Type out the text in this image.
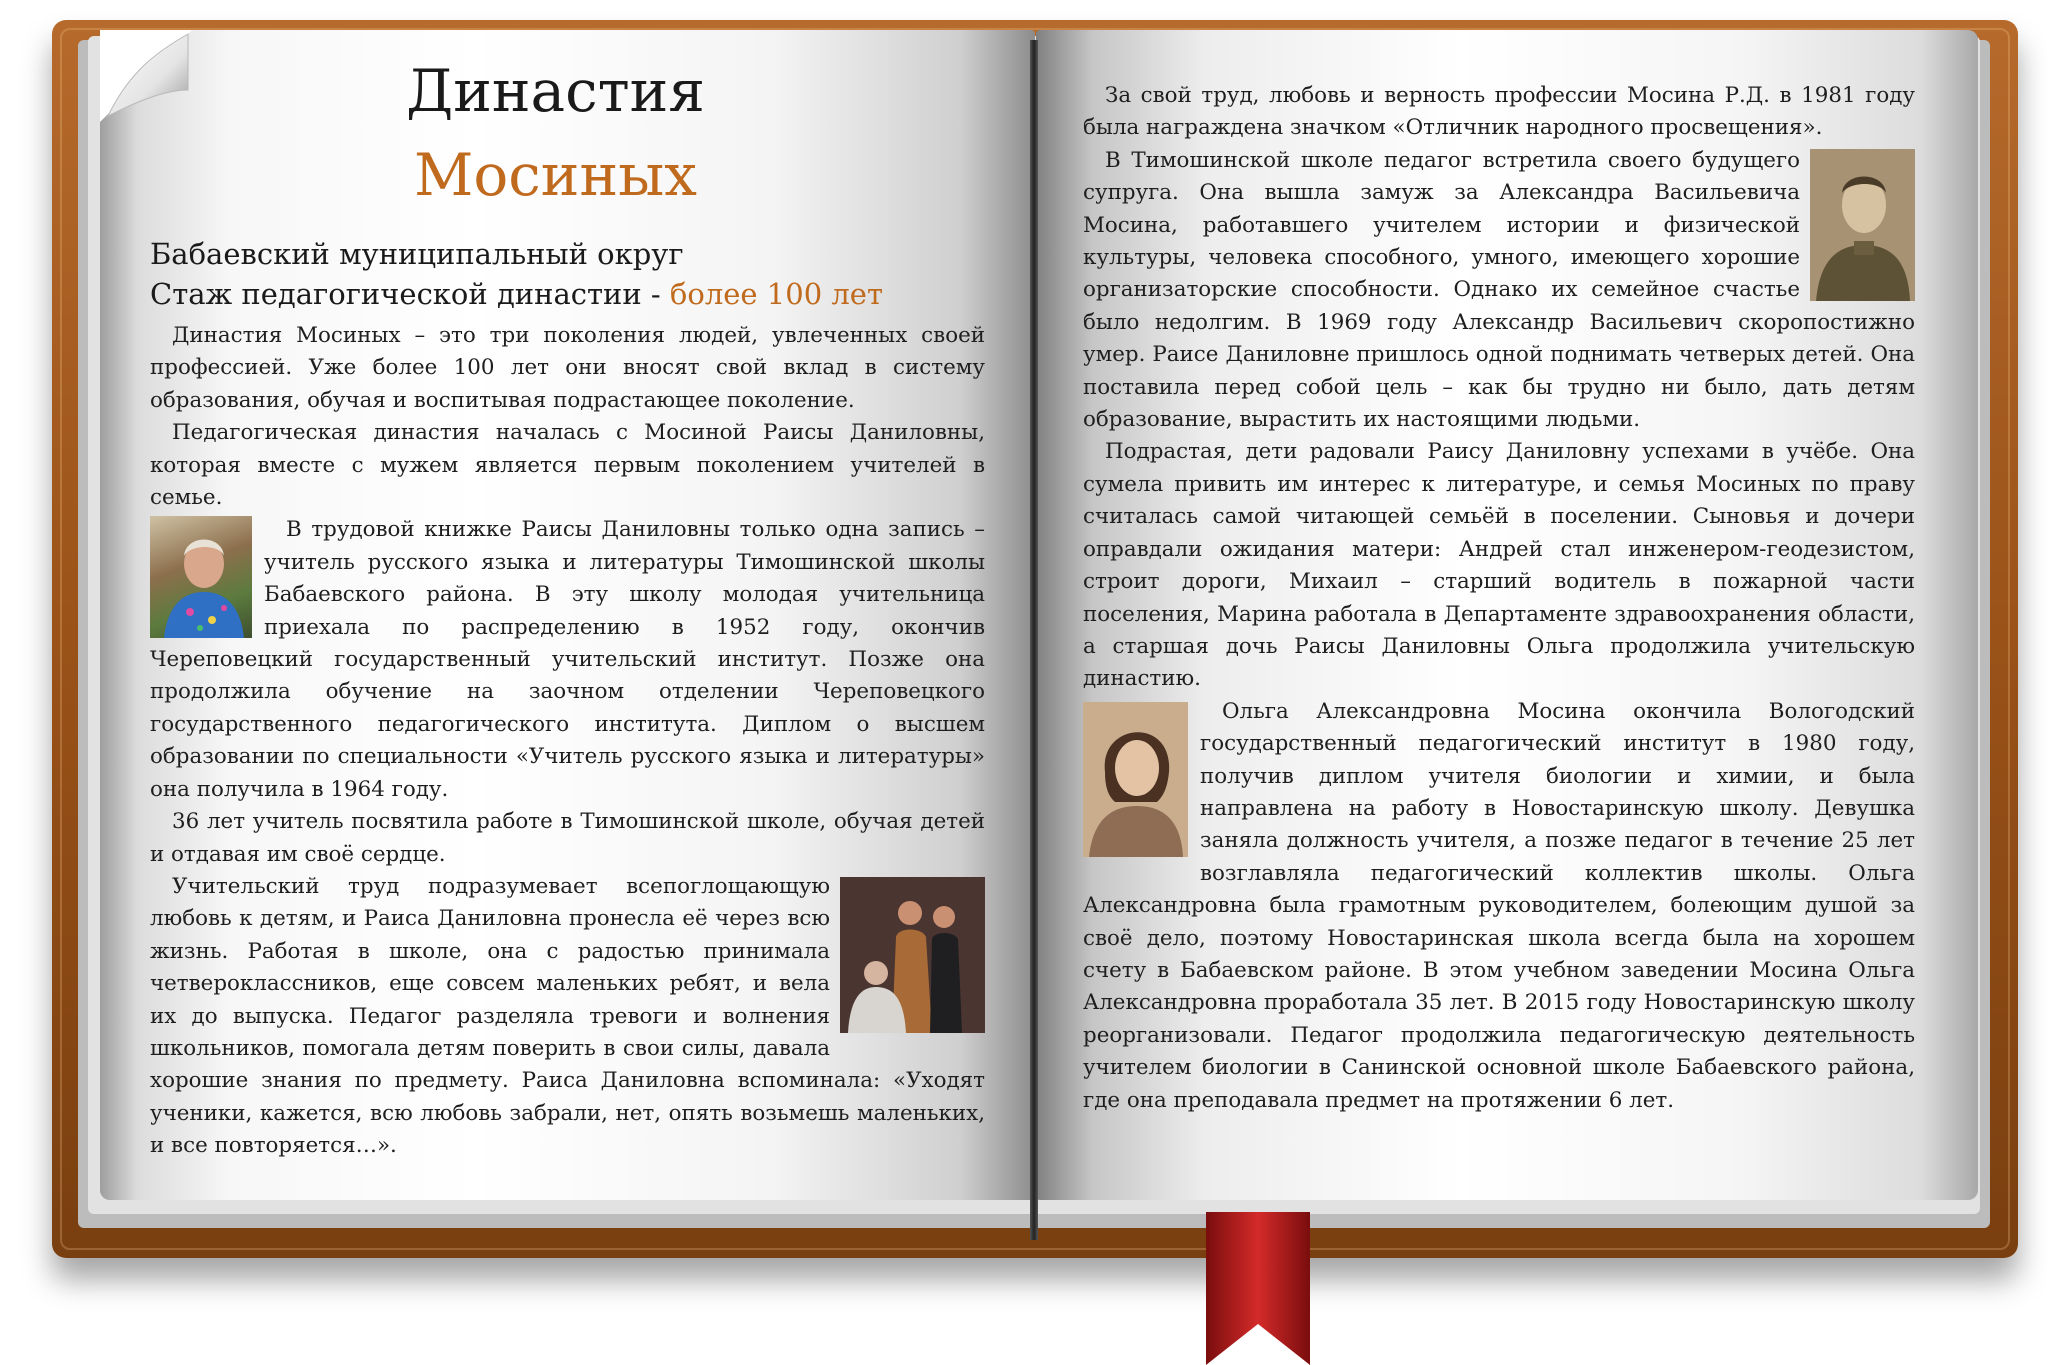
Династия
Мосиных
Бабаевский муниципальный округ
Стаж педагогической династии - более 100 лет

Династия Мосиных – это три поколения людей, увлеченных своей профессией. Уже более 100 лет они вносят свой вклад в систему образования, обучая и воспитывая подрастающее поколение.

Педагогическая династия началась с Мосиной Раисы Даниловны, которая вместе с мужем является первым поколением учителей в семье.

В трудовой книжке Раисы Даниловны только одна запись – учитель русского языка и литературы Тимошинской школы Бабаевского района. В эту школу молодая учительница приехала по распределению в 1952 году, окончив Череповецкий государственный учительский институт. Позже она продолжила обучение на заочном отделении Череповецкого государственного педагогического института. Диплом о высшем образовании по специальности «Учитель русского языка и литературы» она получила в 1964 году.

36 лет учитель посвятила работе в Тимошинской школе, обучая детей и отдавая им своё сердце.

Учительский труд подразумевает всепоглощающую любовь к детям, и Раиса Даниловна пронесла её через всю жизнь. Работая в школе, она с радостью принимала четвероклассников, еще совсем маленьких ребят, и вела их до выпуска. Педагог разделяла тревоги и волнения школьников, помогала детям поверить в свои силы, давала хорошие знания по предмету. Раиса Даниловна вспоминала: «Уходят ученики, кажется, всю любовь забрали, нет, опять возьмешь маленьких, и все повторяется…».

За свой труд, любовь и верность профессии Мосина Р.Д. в 1981 году была награждена значком «Отличник народного просвещения».

В Тимошинской школе педагог встретила своего будущего супруга. Она вышла замуж за Александра Васильевича Мосина, работавшего учителем истории и физической культуры, человека способного, умного, имеющего хорошие организаторские способности. Однако их семейное счастье было недолгим. В 1969 году Александр Васильевич скоропостижно умер. Раисе Даниловне пришлось одной поднимать четверых детей. Она поставила перед собой цель – как бы трудно ни было, дать детям образование, вырастить их настоящими людьми.

Подрастая, дети радовали Раису Даниловну успехами в учёбе. Она сумела привить им интерес к литературе, и семья Мосиных по праву считалась самой читающей семьёй в поселении. Сыновья и дочери оправдали ожидания матери: Андрей стал инженером-геодезистом, строит дороги, Михаил – старший водитель в пожарной части поселения, Марина работала в Департаменте здравоохранения области, а старшая дочь Раисы Даниловны Ольга продолжила учительскую династию.

Ольга Александровна Мосина окончила Вологодский государственный педагогический институт в 1980 году, получив диплом учителя биологии и химии, и была направлена на работу в Новостаринскую школу. Девушка заняла должность учителя, а позже педагог в течение 25 лет возглавляла педагогический коллектив школы. Ольга Александровна была грамотным руководителем, болеющим душой за своё дело, поэтому Новостаринская школа всегда была на хорошем счету в Бабаевском районе. В этом учебном заведении Мосина Ольга Александровна проработала 35 лет. В 2015 году Новостаринскую школу реорганизовали. Педагог продолжила педагогическую деятельность учителем биологии в Санинской основной школе Бабаевского района, где она преподавала предмет на протяжении 6 лет.
